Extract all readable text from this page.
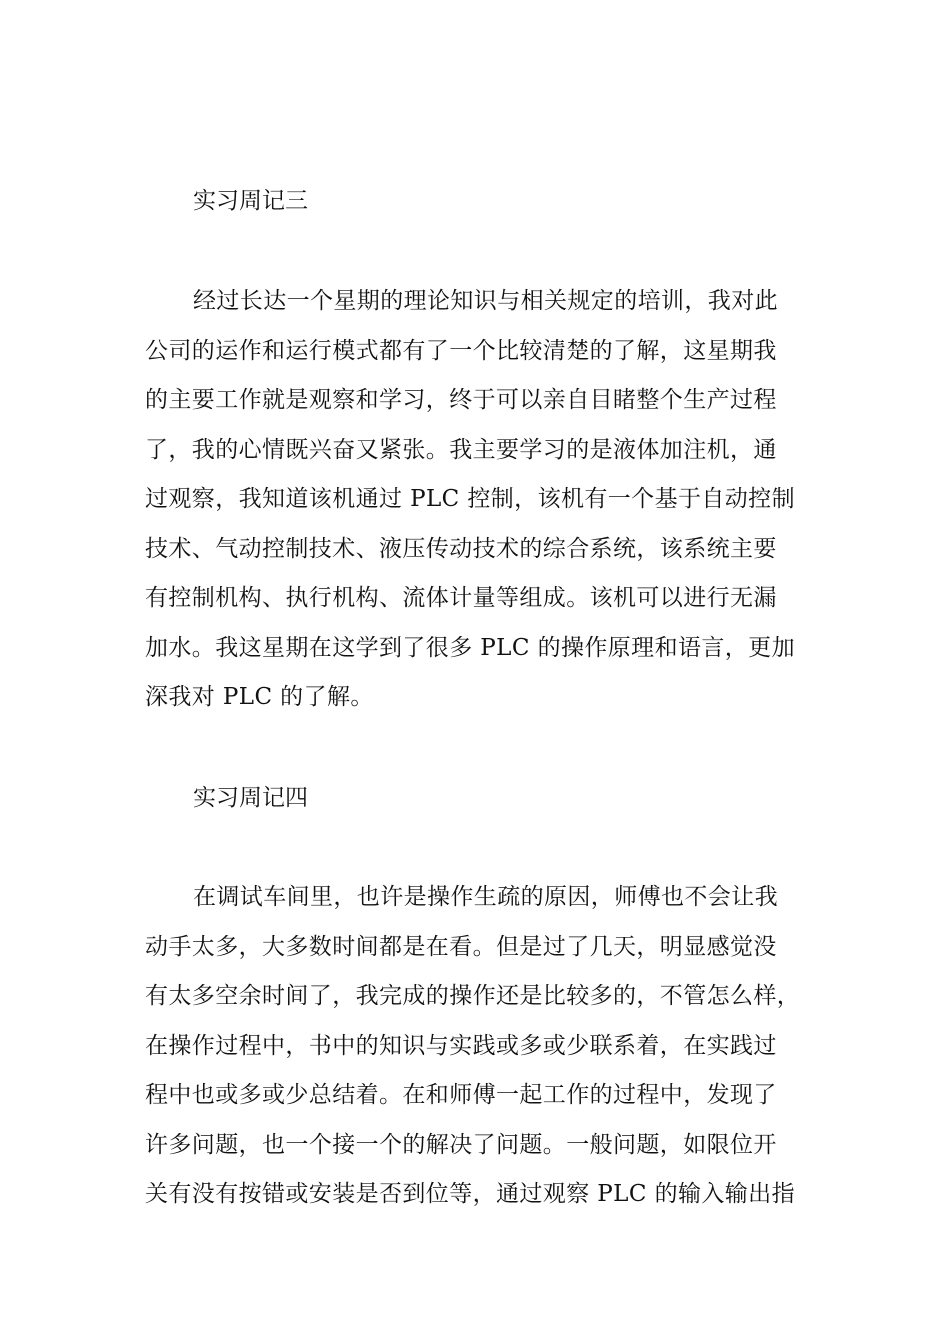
实习周记三
经过长达一个星期的理论知识与相关规定的培训，我对此
公司的运作和运行模式都有了一个比较清楚的了解，这星期我
的主要工作就是观察和学习，终于可以亲自目睹整个生产过程
了，我的心情既兴奋又紧张。我主要学习的是液体加注机，通
过观察，我知道该机通过 PLC 控制，该机有一个基于自动控制
技术、气动控制技术、液压传动技术的综合系统，该系统主要
有控制机构、执行机构、流体计量等组成。该机可以进行无漏
加水。我这星期在这学到了很多 PLC 的操作原理和语言，更加
深我对 PLC 的了解。
实习周记四
在调试车间里，也许是操作生疏的原因，师傅也不会让我
动手太多，大多数时间都是在看。但是过了几天，明显感觉没
有太多空余时间了，我完成的操作还是比较多的，不管怎么样，
在操作过程中，书中的知识与实践或多或少联系着，在实践过
程中也或多或少总结着。在和师傅一起工作的过程中，发现了
许多问题，也一个接一个的解决了问题。一般问题，如限位开
关有没有按错或安装是否到位等，通过观察 PLC 的输入输出指
